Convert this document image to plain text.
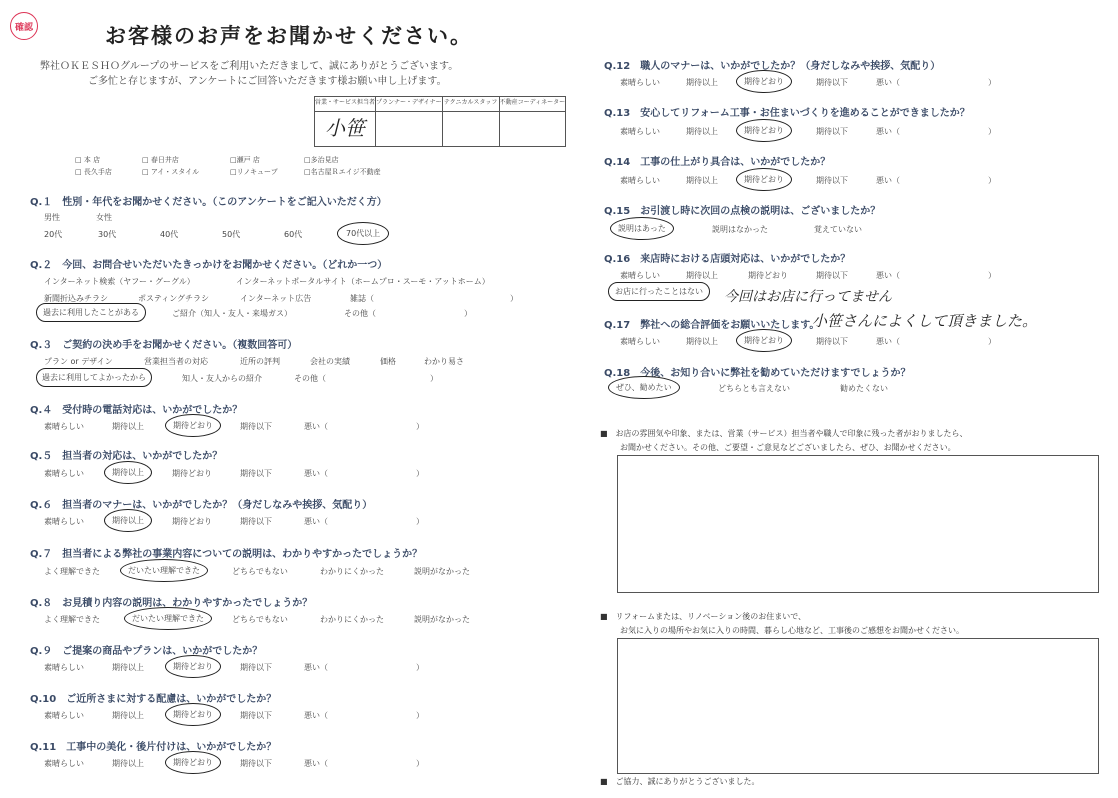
確認	お客様のお声をお聞かせください。
弊社ＯＫＥＳＨＯグループのサービスをご利用いただきまして、誠にありがとうございます。
ご多忙と存じますが、アンケートにご回答いただきます様お願い申し上げます。
営業・サービス担当者	プランナー・デザイナー	テクニカルスタッフ	不動産コーディネーター
小笹			
□ 本 店	□ 春日井店	□瀬戸 店	□多治見店
□ 長久手店	□ アイ・スタイル	□リノキューブ	□名古屋Ｒエイジ不動産
Q.１　性別・年代をお聞かせください。（このアンケートをご記入いただく方）
男性	女性
20代	30代	40代	50代	60代	70代以上
Q.２　今回、お問合せいただいたきっかけをお聞かせください。（どれか一つ）
インターネット検索（ヤフー・グーグル）	インターネットポータルサイト（ホームプロ・スーモ・アットホーム）
新聞折込みチラシ	ポスティングチラシ	インターネット広告	雑誌（　　　　　　　　　　　　　　　　　）
過去に利用したことがある	ご紹介（知人・友人・来場ガス）	その他（　　　　　　　　　　　）
Q.３　ご契約の決め手をお聞かせください。（複数回答可）
プラン or デザイン	営業担当者の対応	近所の評判	会社の実績	価格	わかり易さ
過去に利用してよかったから	知人・友人からの紹介	その他（　　　　　　　　　　　　　）
Q.４　受付時の電話対応は、いかがでしたか？
素晴らしい	期待以上	期待どおり	期待以下	悪い（　　　　　　　　　　　）
Q.５　担当者の対応は、いかがでしたか？
素晴らしい	期待以上	期待どおり	期待以下	悪い（　　　　　　　　　　　）
Q.６　担当者のマナーは、いかがでしたか？（身だしなみや挨拶、気配り）
素晴らしい	期待以上	期待どおり	期待以下	悪い（　　　　　　　　　　　）
Q.７　担当者による弊社の事業内容についての説明は、わかりやすかったでしょうか？
よく理解できた	だいたい理解できた	どちらでもない	わかりにくかった	説明がなかった
Q.８　お見積り内容の説明は、わかりやすかったでしょうか？
よく理解できた	だいたい理解できた	どちらでもない	わかりにくかった	説明がなかった
Q.９　ご提案の商品やプランは、いかがでしたか？
素晴らしい	期待以上	期待どおり	期待以下	悪い（　　　　　　　　　　　）
Q.10　ご近所さまに対する配慮は、いかがでしたか？
素晴らしい	期待以上	期待どおり	期待以下	悪い（　　　　　　　　　　　）
Q.11　工事中の美化・後片付けは、いかがでしたか？
素晴らしい	期待以上	期待どおり	期待以下	悪い（　　　　　　　　　　　）
Q.12　職人のマナーは、いかがでしたか？（身だしなみや挨拶、気配り）
素晴らしい	期待以上	期待どおり	期待以下	悪い（　　　　　　　　　　　）
Q.13　安心してリフォーム工事・お住まいづくりを進めることができましたか？
素晴らしい	期待以上	期待どおり	期待以下	悪い（　　　　　　　　　　　）
Q.14　工事の仕上がり具合は、いかがでしたか？
素晴らしい	期待以上	期待どおり	期待以下	悪い（　　　　　　　　　　　）
Q.15　お引渡し時に次回の点検の説明は、ございましたか？
説明はあった	説明はなかった	覚えていない
Q.16　来店時における店頭対応は、いかがでしたか？
素晴らしい	期待以上	期待どおり	期待以下	悪い（　　　　　　　　　　　）
お店に行ったことはない	今回はお店に行ってません
Q.17　弊社への総合評価をお願いいたします。
小笹さんによくして頂きました。
素晴らしい	期待以上	期待どおり	期待以下	悪い（　　　　　　　　　　　）
Q.18　今後、お知り合いに弊社を勧めていただけますでしょうか？
ぜひ、勧めたい	どちらとも言えない	勧めたくない
■　お店の雰囲気や印象、または、営業（サービス）担当者や職人で印象に残った者がおりましたら、
お聞かせください。その他、ご要望・ご意見などございましたら、ぜひ、お聞かせください。
■　リフォームまたは、リノベーション後のお住まいで、
お気に入りの場所やお気に入りの時間、暮らし心地など、工事後のご感想をお聞かせください。
■　ご協力、誠にありがとうございました。
